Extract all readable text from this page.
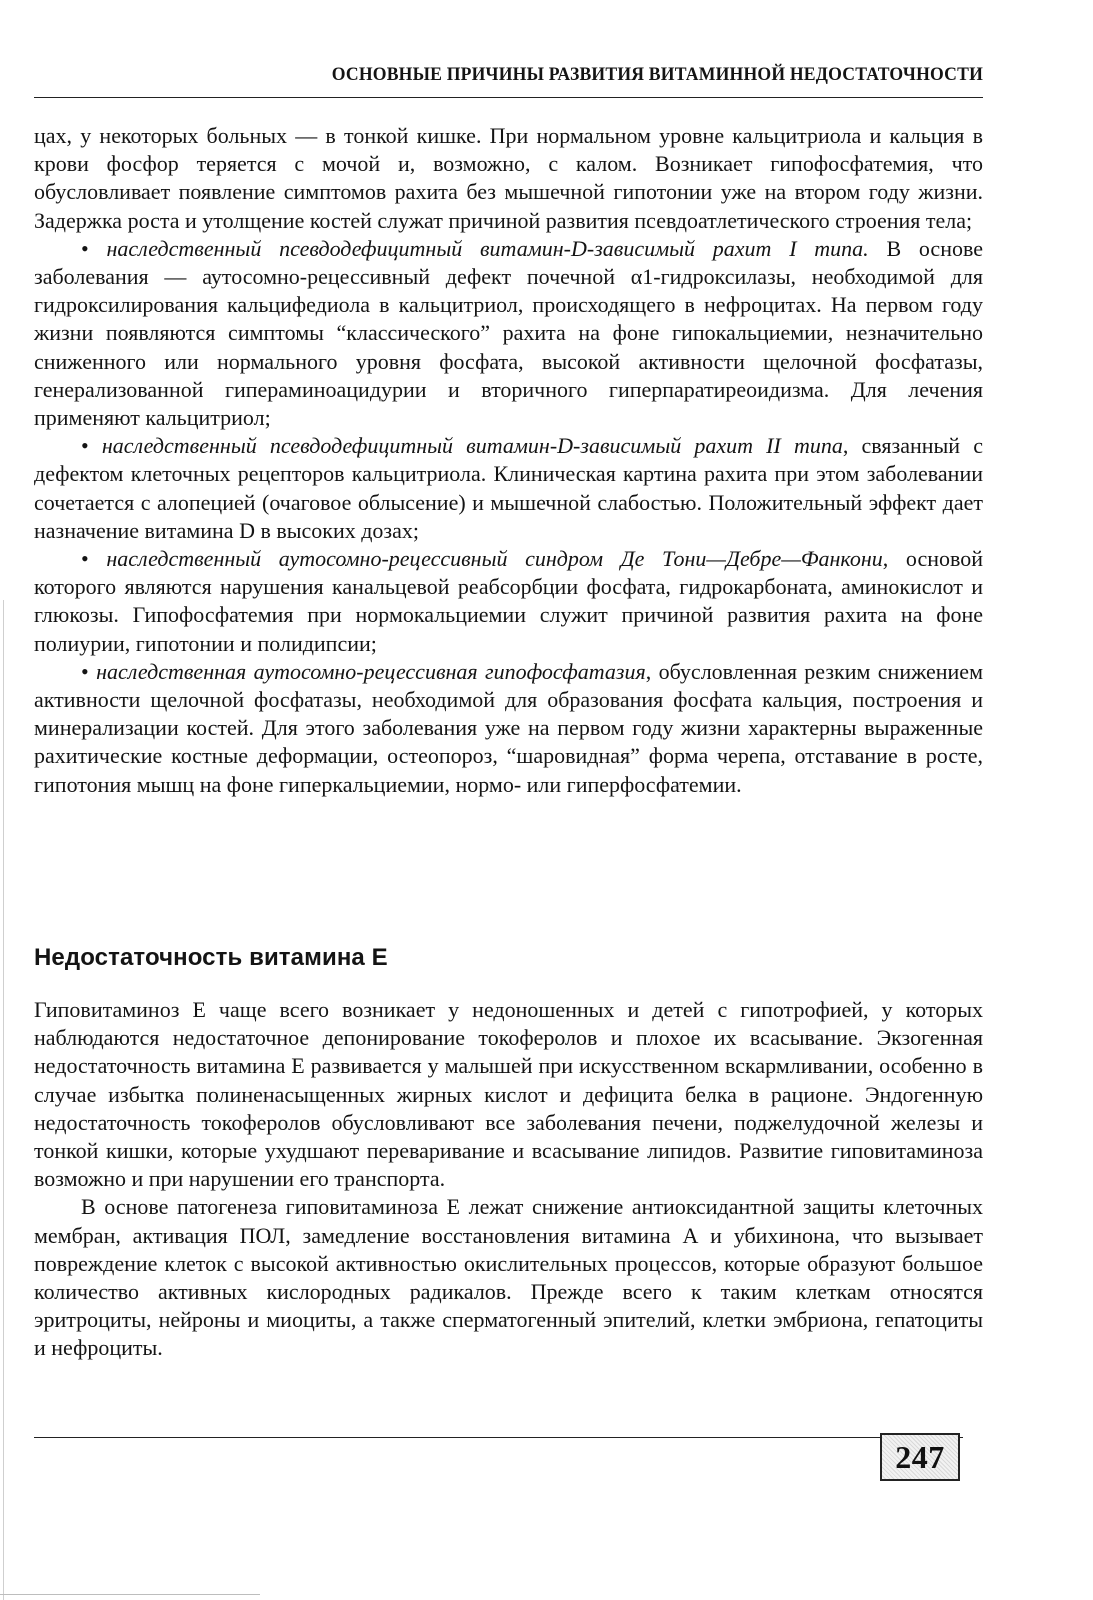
ОСНОВНЫЕ ПРИЧИНЫ РАЗВИТИЯ ВИТАМИННОЙ НЕДОСТАТОЧНОСТИ

цах, у некоторых больных — в тонкой кишке. При нормальном уровне кальцитриола и кальция в крови фосфор теряется с мочой и, возможно, с калом. Возникает гипофосфатемия, что обусловливает появление симптомов рахита без мышечной гипотонии уже на втором году жизни. Задержка роста и утолщение костей служат причиной развития псевдоатлетического строения тела;

• наследственный псевдодефицитный витамин-D-зависимый рахит I типа. В основе заболевания — аутосомно-рецессивный дефект почечной α1-гидроксилазы, необходимой для гидроксилирования кальцифедиола в кальцитриол, происходящего в нефроцитах. На первом году жизни появляются симптомы “классического” рахита на фоне гипокальциемии, незначительно сниженного или нормального уровня фосфата, высокой активности щелочной фосфатазы, генерализованной гипераминоацидурии и вторичного гиперпаратиреоидизма. Для лечения применяют кальцитриол;

• наследственный псевдодефицитный витамин-D-зависимый рахит II типа, связанный с дефектом клеточных рецепторов кальцитриола. Клиническая картина рахита при этом заболевании сочетается с алопецией (очаговое облысение) и мышечной слабостью. Положительный эффект дает назначение витамина D в высоких дозах;

• наследственный аутосомно-рецессивный синдром Де Тони—Дебре—Фанкони, основой которого являются нарушения канальцевой реабсорбции фосфата, гидрокарбоната, аминокислот и глюкозы. Гипофосфатемия при нормокальциемии служит причиной развития рахита на фоне полиурии, гипотонии и полидипсии;

• наследственная аутосомно-рецессивная гипофосфатазия, обусловленная резким снижением активности щелочной фосфатазы, необходимой для образования фосфата кальция, построения и минерализации костей. Для этого заболевания уже на первом году жизни характерны выраженные рахитические костные деформации, остеопороз, “шаровидная” форма черепа, отставание в росте, гипотония мышц на фоне гиперкальциемии, нормо- или гиперфосфатемии.

Недостаточность витамина Е

Гиповитаминоз Е чаще всего возникает у недоношенных и детей с гипотрофией, у которых наблюдаются недостаточное депонирование токоферолов и плохое их всасывание. Экзогенная недостаточность витамина Е развивается у малышей при искусственном вскармливании, особенно в случае избытка полиненасыщенных жирных кислот и дефицита белка в рационе. Эндогенную недостаточность токоферолов обусловливают все заболевания печени, поджелудочной железы и тонкой кишки, которые ухудшают переваривание и всасывание липидов. Развитие гиповитаминоза возможно и при нарушении его транспорта.

В основе патогенеза гиповитаминоза Е лежат снижение антиоксидантной защиты клеточных мембран, активация ПОЛ, замедление восстановления витамина А и убихинона, что вызывает повреждение клеток с высокой активностью окислительных процессов, которые образуют большое количество активных кислородных радикалов. Прежде всего к таким клеткам относятся эритроциты, нейроны и миоциты, а также сперматогенный эпителий, клетки эмбриона, гепатоциты и нефроциты.

247
